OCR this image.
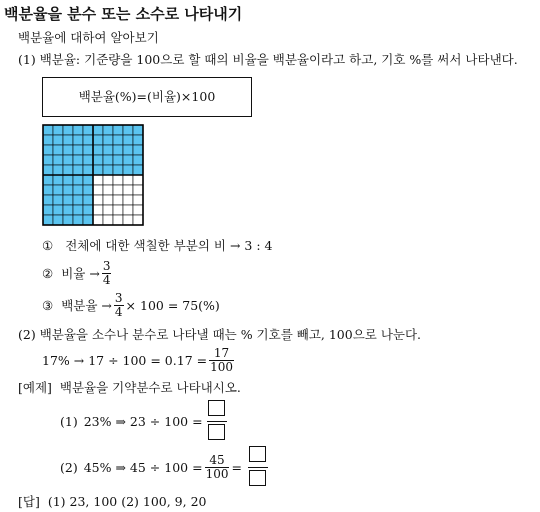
백분율을 분수 또는 소수로 나타내기
백분율에 대하여 알아보기
(1) 백분율: 기준량을 100으로 할 때의 비율을 백분율이라고 하고, 기호 %를 써서 나타낸다.
백분율(%)=(비율)×100
① 전체에 대한 색칠한 부분의 비 → 3 : 4
② 비율 → $\frac{3}{4}$
③ 백분율 → $\frac{3}{4} \times 100 = 75(\%)$
(2) 백분율을 소수나 분수로 나타낼 때는 % 기호를 빼고, 100으로 나눈다.
$17\% \to 17 \div 100 = 0.17 = \frac{17}{100}$
[예제] 백분율을 기약분수로 나타내시오.
(1) 23% ⇒ 23 ÷ 100 =
(2) 45% ⇒ $45 \div 100 = \frac{45}{100}$ =
[답] (1) 23, 100 (2) 100, 9, 20
